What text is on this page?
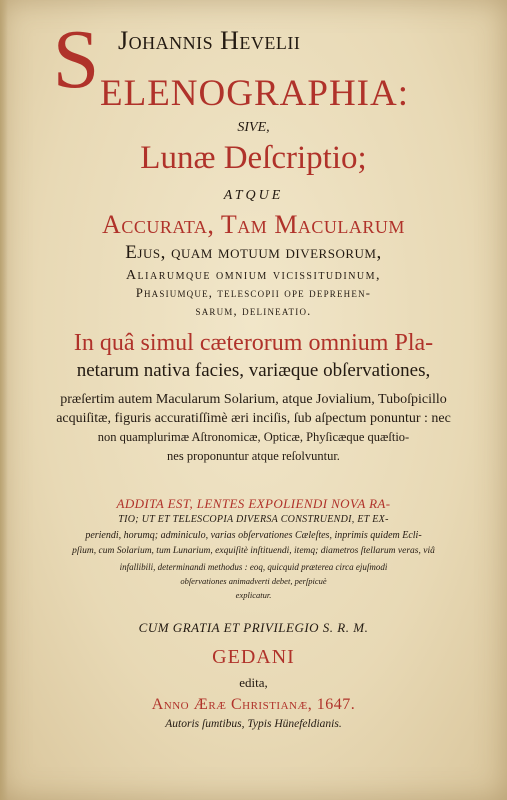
S Johannis Hevelii
ELENOGRAPHIA:
SIVE,
Lunæ Deſcriptio;
ATQUE
Accurata, Tam Macularum
Ejus, quam motuum diversorum,
Aliarumque omnium vicissitudinum,
Phasiumque, telescopii ope deprehen-
sarum, delineatio.
In quâ simul cæterorum omnium Pla-
netarum nativa facies, variæque obſervationes,
præſertim autem Macularum Solarium, atque Jovialium, Tuboſpicillo
acquiſitæ, figuris accuratiſſimè æri inciſis, ſub aſpectum ponuntur : nec
non quamplurimæ Aſtronomicæ, Opticæ, Phyſicæque quæſtio-
nes proponuntur atque reſolvuntur.
ADDITA EST, LENTES EXPOLIENDI NOVA RA-
TIO; UT ET TELESCOPIA DIVERSA CONSTRUENDI, ET EX-
periendi, horumq; adminiculo, varias obſervationes Cæleſtes, inprimis quidem Ecli-
pſium, cum Solarium, tum Lunarium, exquiſitè inſtituendi, itemq; diametros ſtellarum veras, viâ
infallibili, determinandi methodus : eoq, quicquid præterea circa ejuſmodi
obſervationes animadverti debet, perſpicuè
explicatur.
CUM GRATIA ET PRIVILEGIO S. R. M.
GEDANI
edita,
Anno Æræ Christianæ, 1647.
Autoris ſumtibus, Typis Hünefeldianis.
